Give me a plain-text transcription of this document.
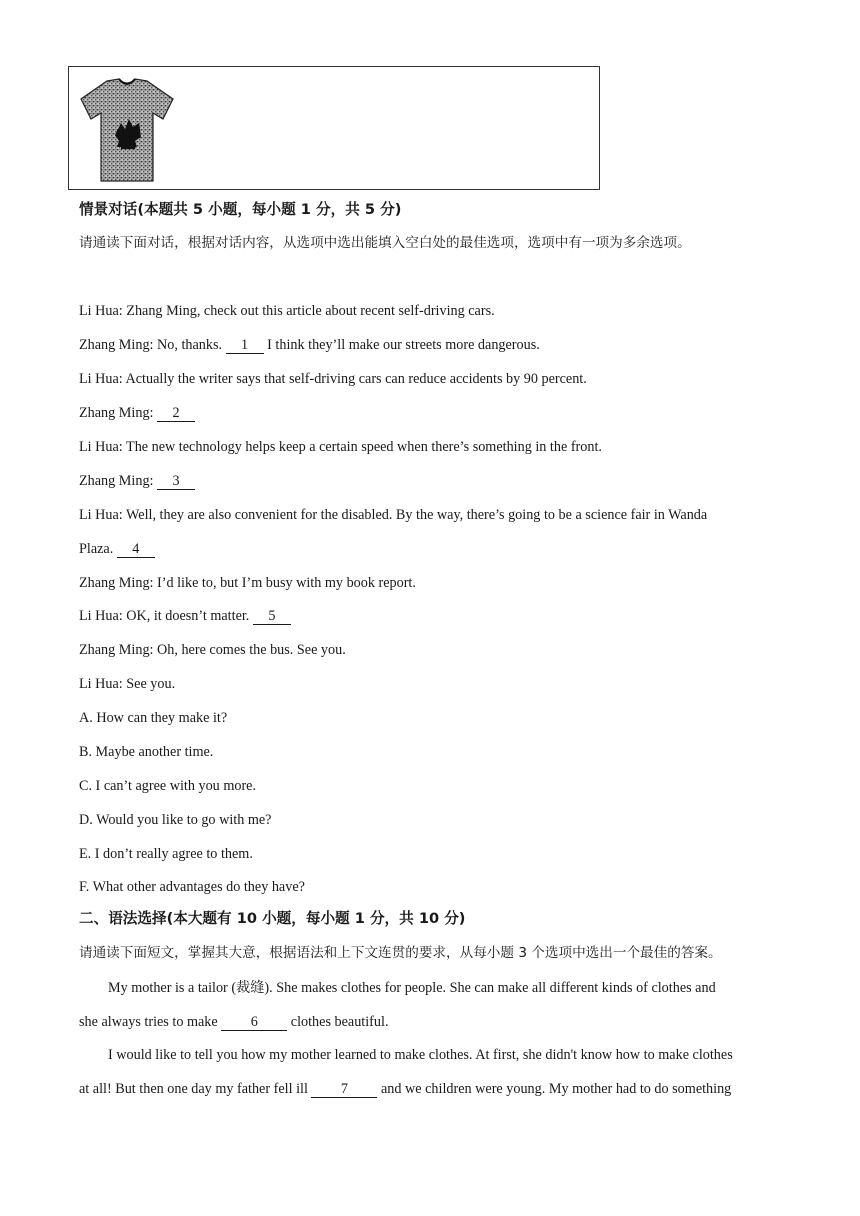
情景对话(本题共 5 小题，每小题 1 分，共 5 分)
请通读下面对话，根据对话内容，从选项中选出能填入空白处的最佳选项，选项中有一项为多余选项。
Li Hua: Zhang Ming, check out this article about recent self-driving cars.
Zhang Ming: No, thanks. 1 I think they’ll make our streets more dangerous.
Li Hua: Actually the writer says that self-driving cars can reduce accidents by 90 percent.
Zhang Ming: 2
Li Hua: The new technology helps keep a certain speed when there’s something in the front.
Zhang Ming: 3
Li Hua: Well, they are also convenient for the disabled. By the way, there’s going to be a science fair in Wanda
Plaza. 4
Zhang Ming: I’d like to, but I’m busy with my book report.
Li Hua: OK, it doesn’t matter. 5
Zhang Ming: Oh, here comes the bus. See you.
Li Hua: See you.
A. How can they make it?
B. Maybe another time.
C. I can’t agree with you more.
D. Would you like to go with me?
E. I don’t really agree to them.
F. What other advantages do they have?
二、语法选择(本大题有 10 小题，每小题 1 分，共 10 分)
请通读下面短文，掌握其大意，根据语法和上下文连贯的要求，从每小题 3 个选项中选出一个最佳的答案。
My mother is a tailor (裁缝). She makes clothes for people. She can make all different kinds of clothes and
she always tries to make 6 clothes beautiful.
I would like to tell you how my mother learned to make clothes. At first, she didn't know how to make clothes
at all! But then one day my father fell ill 7 and we children were young. My mother had to do something
